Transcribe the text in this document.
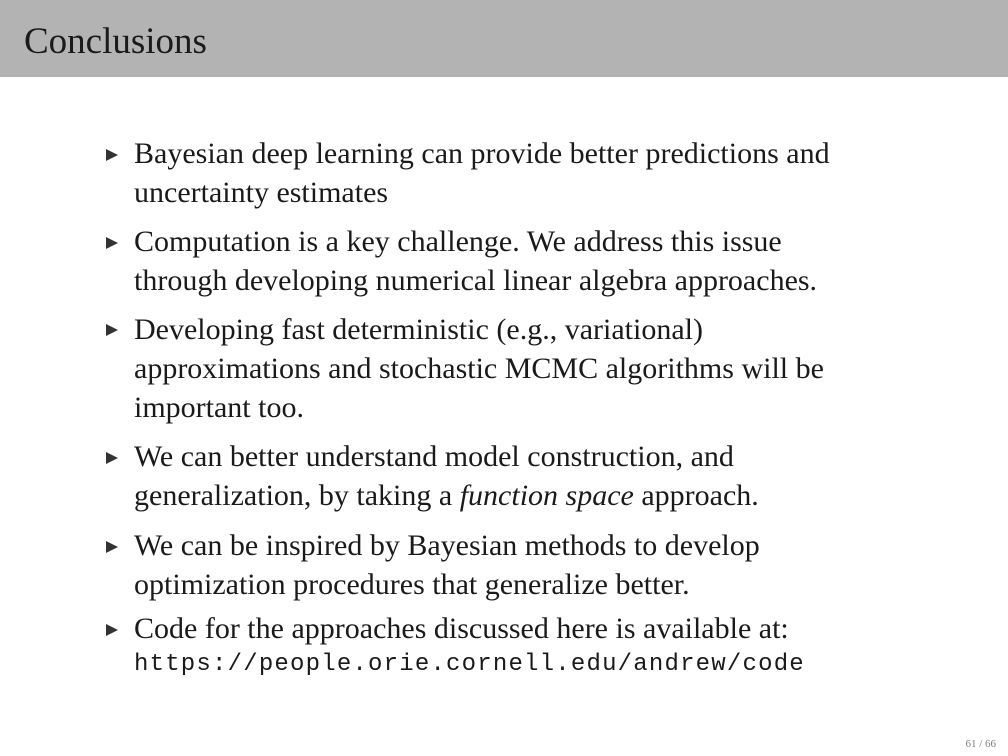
Conclusions
Bayesian deep learning can provide better predictions and
uncertainty estimates
Computation is a key challenge. We address this issue
through developing numerical linear algebra approaches.
Developing fast deterministic (e.g., variational)
approximations and stochastic MCMC algorithms will be
important too.
We can better understand model construction, and
generalization, by taking a function space approach.
We can be inspired by Bayesian methods to develop
optimization procedures that generalize better.
Code for the approaches discussed here is available at:
https://people.orie.cornell.edu/andrew/code
61 / 66
